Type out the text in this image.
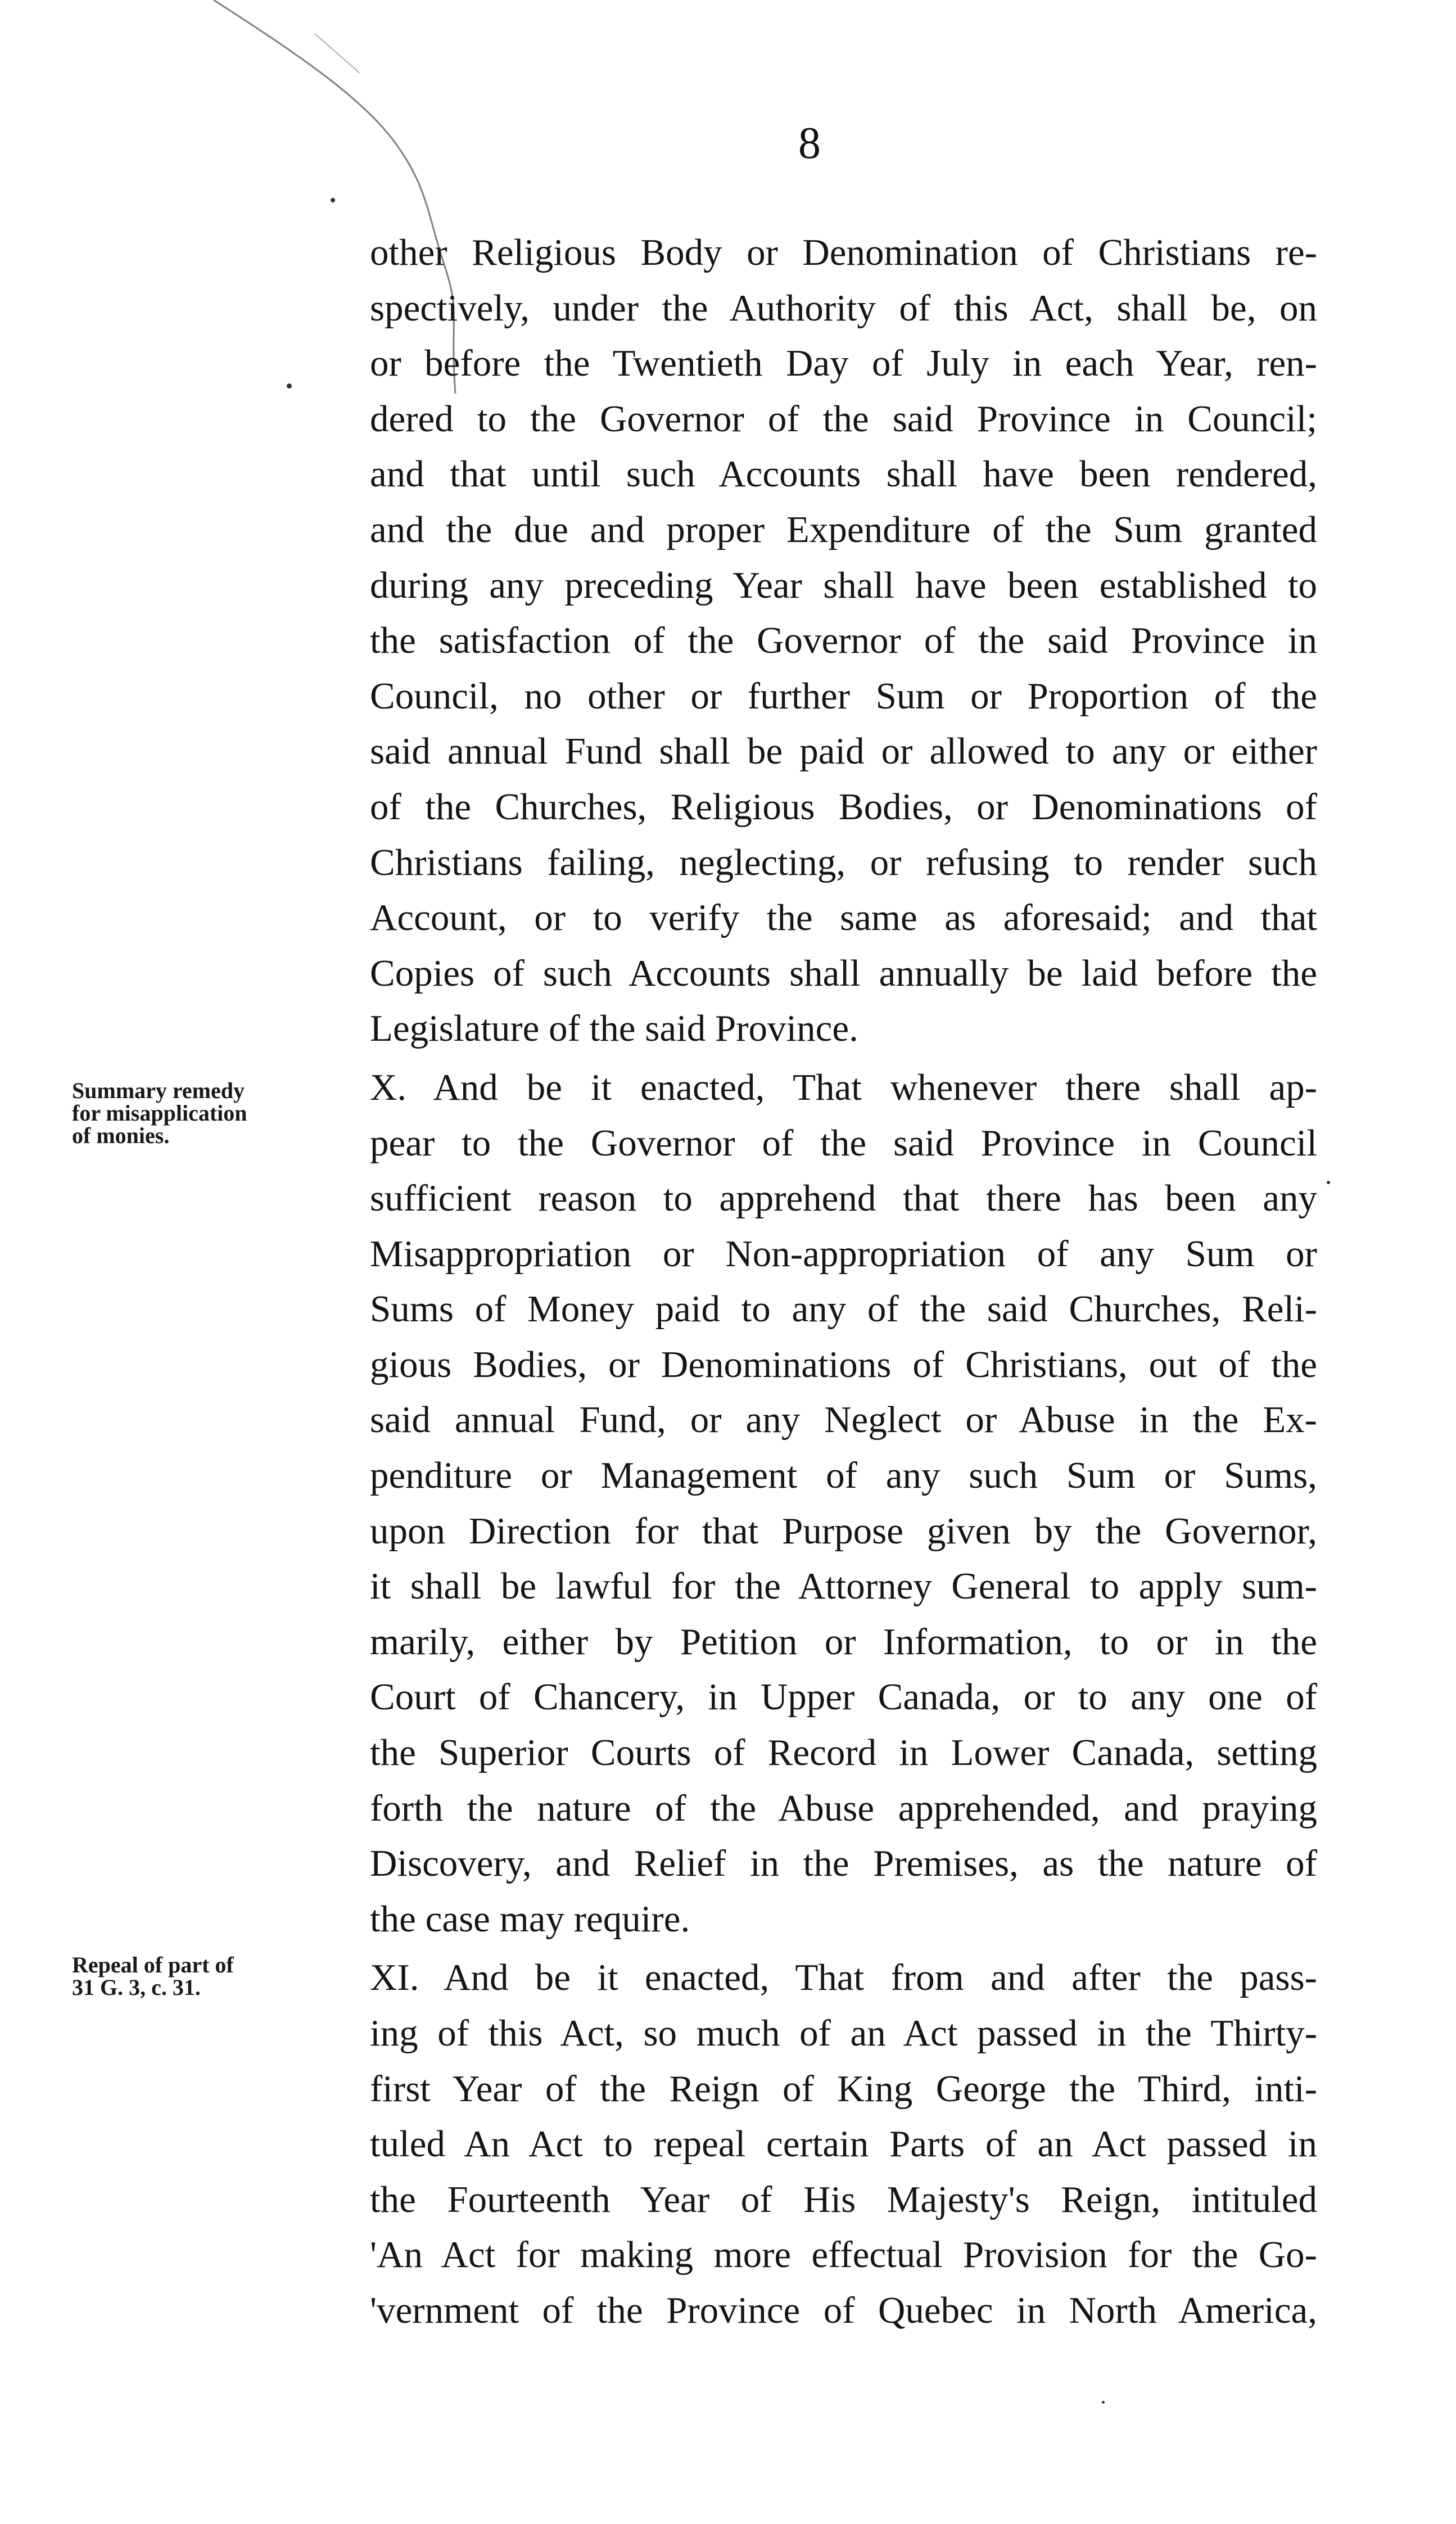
8
Summary remedy
for misapplication
of monies.
Repeal of part of
31 G. 3, c. 31.
other Religious Body or Denomination of Christians re-
spectively, under the Authority of this Act, shall be, on
or before the Twentieth Day of July in each Year, ren-
dered to the Governor of the said Province in Council;
and that until such Accounts shall have been rendered,
and the due and proper Expenditure of the Sum granted
during any preceding Year shall have been established to
the satisfaction of the Governor of the said Province in
Council, no other or further Sum or Proportion of the
said annual Fund shall be paid or allowed to any or either
of the Churches, Religious Bodies, or Denominations of
Christians failing, neglecting, or refusing to render such
Account, or to verify the same as aforesaid; and that
Copies of such Accounts shall annually be laid before the
Legislature of the said Province.
X. And be it enacted, That whenever there shall ap-
pear to the Governor of the said Province in Council
sufficient reason to apprehend that there has been any
Misappropriation or Non-appropriation of any Sum or
Sums of Money paid to any of the said Churches, Reli-
gious Bodies, or Denominations of Christians, out of the
said annual Fund, or any Neglect or Abuse in the Ex-
penditure or Management of any such Sum or Sums,
upon Direction for that Purpose given by the Governor,
it shall be lawful for the Attorney General to apply sum-
marily, either by Petition or Information, to or in the
Court of Chancery, in Upper Canada, or to any one of
the Superior Courts of Record in Lower Canada, setting
forth the nature of the Abuse apprehended, and praying
Discovery, and Relief in the Premises, as the nature of
the case may require.
XI. And be it enacted, That from and after the pass-
ing of this Act, so much of an Act passed in the Thirty-
first Year of the Reign of King George the Third, inti-
tuled An Act to repeal certain Parts of an Act passed in
the Fourteenth Year of His Majesty's Reign, intituled
'An Act for making more effectual Provision for the Go-
'vernment of the Province of Quebec in North America,
